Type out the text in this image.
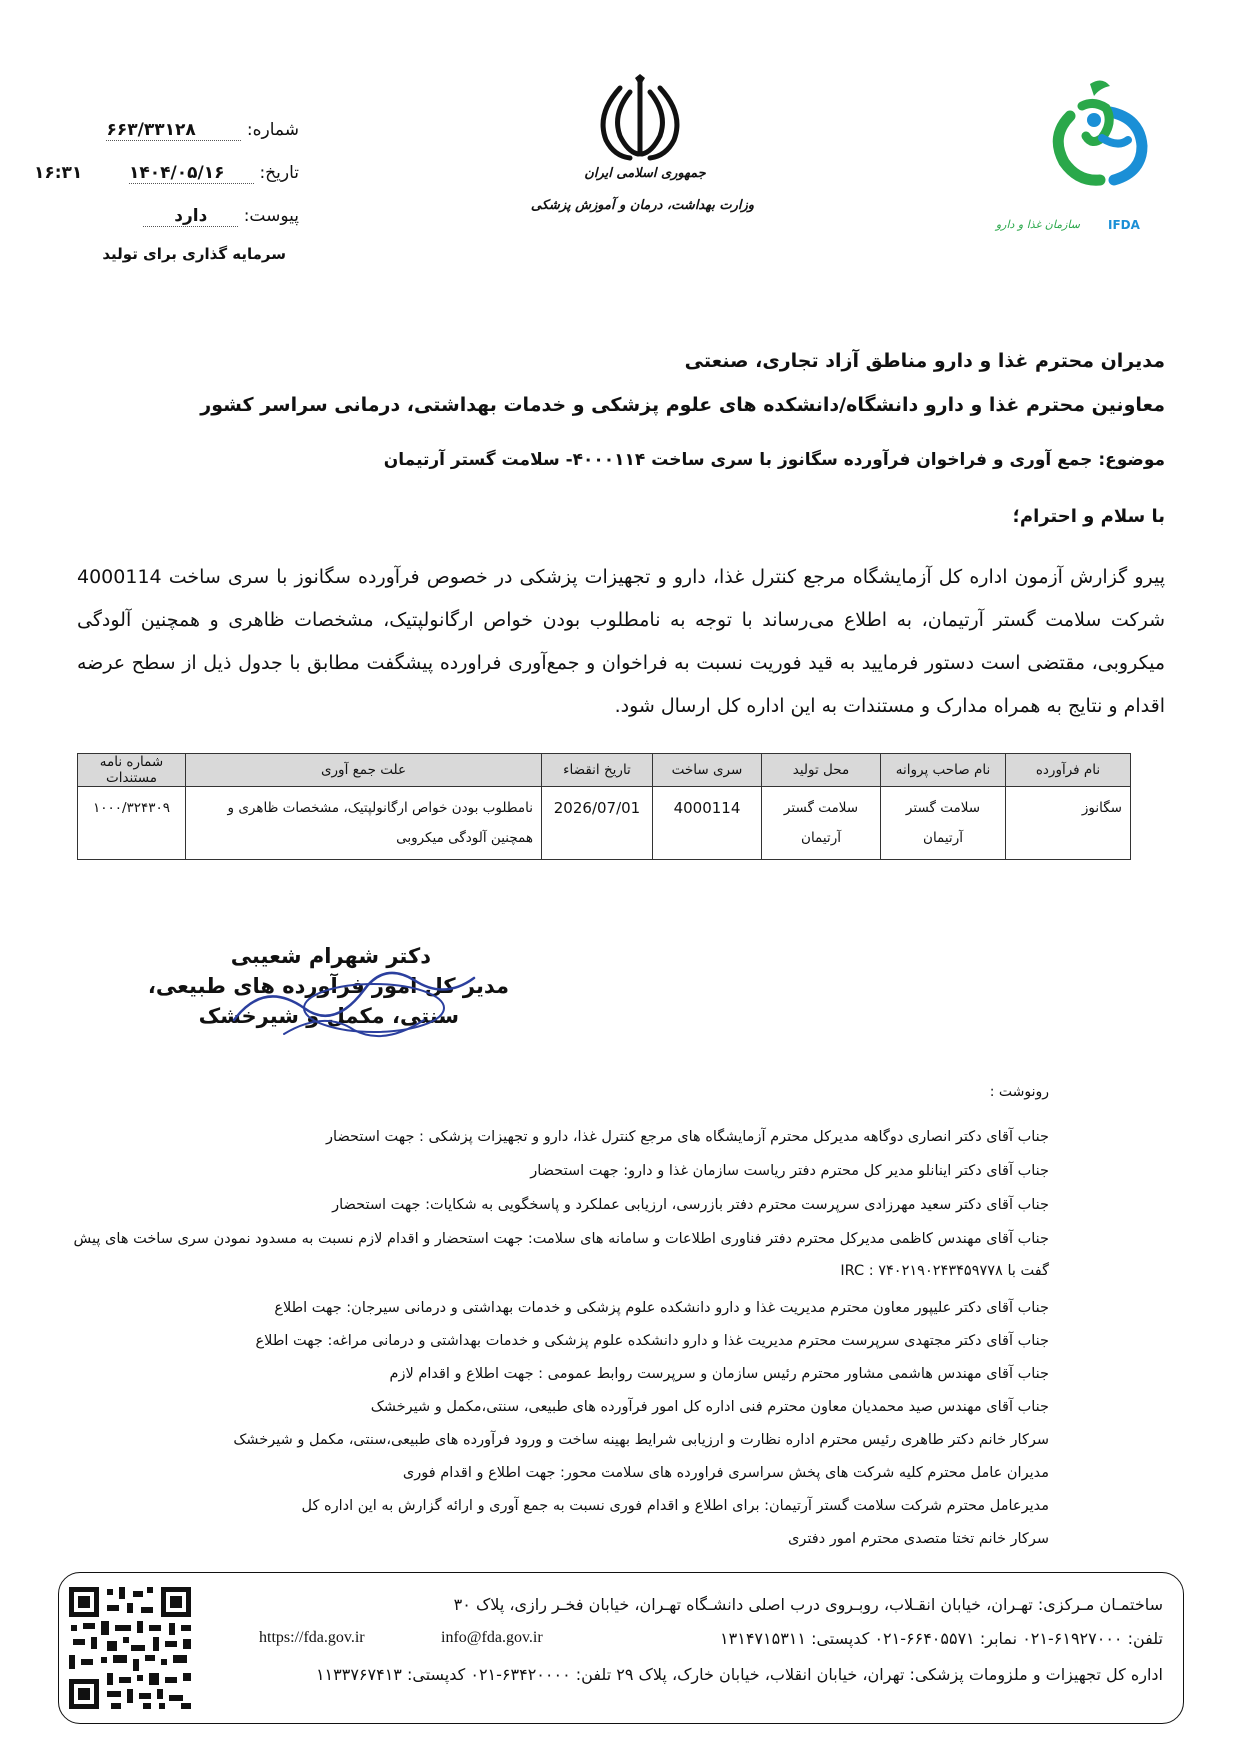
شماره: ۶۶۳/۳۳۱۲۸
تاریخ: ۱۴۰۴/۰۵/۱۶
۱۶:۳۱
پیوست: دارد
سرمایه گذاری برای تولید
جمهوری اسلامی ایران
وزارت بهداشت، درمان و آموزش پزشکی
سازمان غذا و دارو IFDA
مدیران محترم غذا و دارو مناطق آزاد تجاری، صنعتی
معاونین محترم غذا و دارو دانشگاه/دانشکده های علوم پزشکی و خدمات بهداشتی، درمانی سراسر کشور
موضوع: جمع آوری و فراخوان فرآورده سگانوز با سری ساخت ۴۰۰۰۱۱۴- سلامت گستر آرتیمان
با سلام و احترام؛
پیرو گزارش آزمون اداره کل آزمایشگاه مرجع کنترل غذا، دارو و تجهیزات پزشکی در خصوص فرآورده سگانوز با سری ساخت 4000114 شرکت سلامت گستر آرتیمان، به اطلاع می‌رساند با توجه به نامطلوب بودن خواص ارگانولپتیک، مشخصات ظاهری و همچنین آلودگی میکروبی، مقتضی است دستور فرمایید به قید فوریت نسبت به فراخوان و جمع‌آوری فراورده پیشگفت مطابق با جدول ذیل از سطح عرضه اقدام و نتایج به همراه مدارک و مستندات به این اداره کل ارسال شود.
نام فرآورده	نام صاحب پروانه	محل تولید	سری ساخت	تاریخ انقضاء	علت جمع آوری	شماره نامه مستندات
سگانوز	سلامت گستر آرتیمان	سلامت گستر آرتیمان	4000114	2026/07/01	نامطلوب بودن خواص ارگانولپتیک، مشخصات ظاهری و همچنین آلودگی میکروبی	۱۰۰۰/۳۲۴۳۰۹
دکتر شهرام شعیبی
مدیر کل امور فرآورده های طبیعی،
سنتی، مکمل و شیرخشک
رونوشت :
جناب آقای دکتر انصاری دوگاهه مدیرکل محترم آزمایشگاه های مرجع کنترل غذا، دارو و تجهیزات پزشکی : جهت استحضار
جناب آقای دکتر اینانلو مدیر کل محترم دفتر ریاست سازمان غذا و دارو: جهت استحضار
جناب آقای دکتر سعید مهرزادی سرپرست محترم دفتر بازرسی، ارزیابی عملکرد و پاسخگویی به شکایات: جهت استحضار
جناب آقای مهندس کاظمی مدیرکل محترم دفتر فناوری اطلاعات و سامانه های سلامت: جهت استحضار و اقدام لازم نسبت به مسدود نمودن سری ساخت های پیش
گفت با IRC : ۷۴۰۲۱۹۰۲۴۳۴۵۹۷۷۸
جناب آقای دکتر علیپور معاون محترم مدیریت غذا و دارو دانشکده علوم پزشکی و خدمات بهداشتی و درمانی سیرجان: جهت اطلاع
جناب آقای دکتر مجتهدی سرپرست محترم مدیریت غذا و دارو دانشکده علوم پزشکی و خدمات بهداشتی و درمانی مراغه: جهت اطلاع
جناب آقای مهندس هاشمی مشاور محترم رئیس سازمان و سرپرست روابط عمومی : جهت اطلاع و اقدام لازم
جناب آقای مهندس صید محمدیان معاون محترم فنی اداره کل امور فرآورده های طبیعی، سنتی،مکمل و شیرخشک
سرکار خانم دکتر طاهری رئیس محترم اداره نظارت و ارزیابی شرایط بهینه ساخت و ورود فرآورده های طبیعی،سنتی، مکمل و شیرخشک
مدیران عامل محترم کلیه شرکت های پخش سراسری فراورده های سلامت محور: جهت اطلاع و اقدام فوری
مدیرعامل محترم شرکت سلامت گستر آرتیمان: برای اطلاع و اقدام فوری نسبت به جمع آوری و ارائه گزارش به این اداره کل
سرکار خانم تختا متصدی محترم امور دفتری
ساختمـان مـرکزی: تهـران، خیابان انقـلاب، روبـروی درب اصلی دانشـگاه تهـران، خیابان فخـر رازی، پلاک ۳۰
تلفن: ۶۱۹۲۷۰۰۰-۰۲۱ نمابر: ۶۶۴۰۵۵۷۱-۰۲۱ کدپستی: ۱۳۱۴۷۱۵۳۱۱
info@fda.gov.ir
https://fda.gov.ir
اداره کل تجهیزات و ملزومات پزشکی: تهران، خیابان انقلاب، خیابان خارک، پلاک ۲۹ تلفن: ۶۳۴۲۰۰۰۰-۰۲۱ کدپستی: ۱۱۳۳۷۶۷۴۱۳
